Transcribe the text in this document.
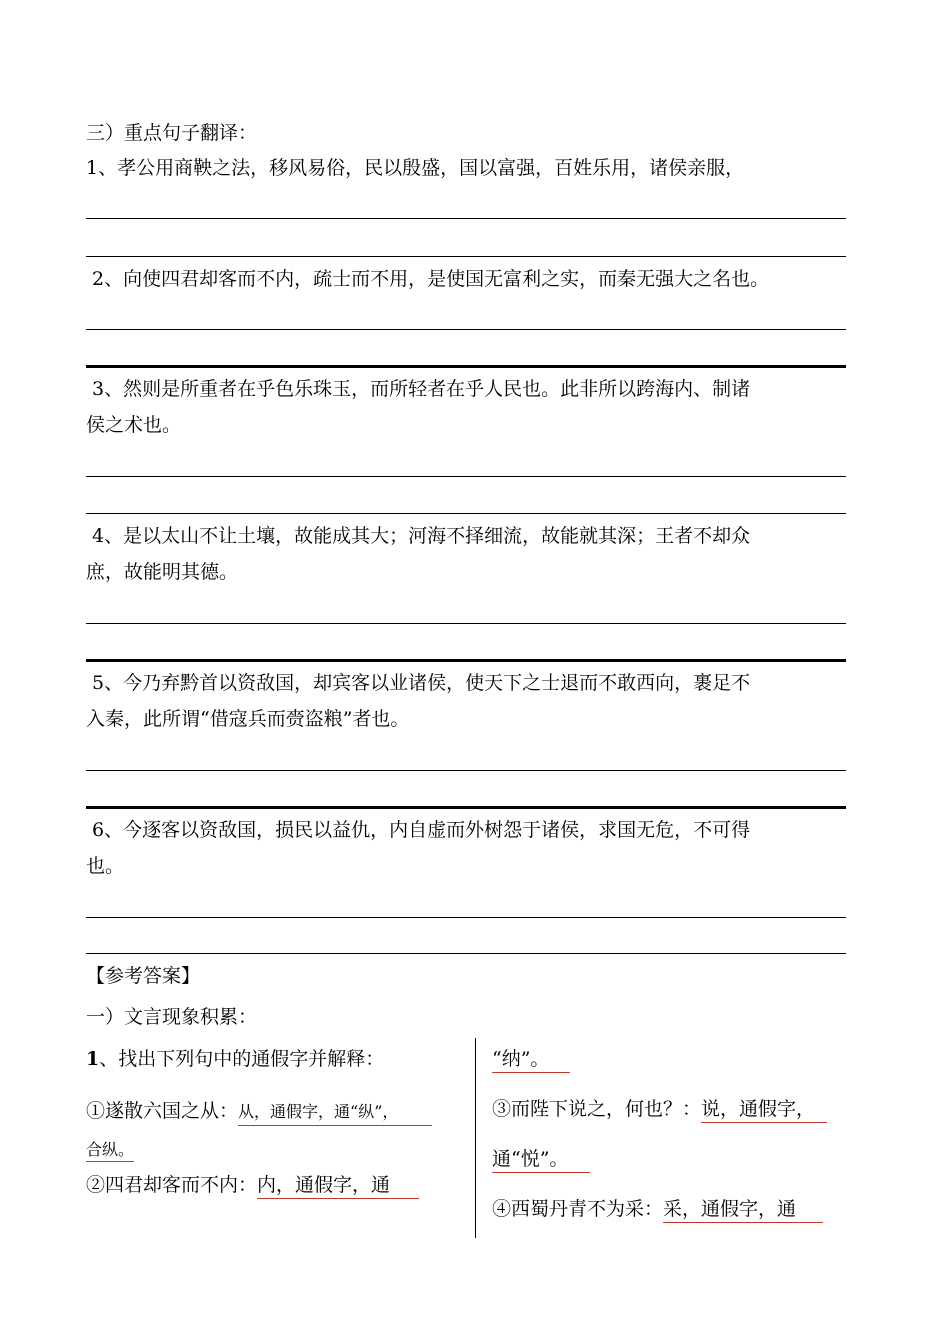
三）重点句子翻译：
1、孝公用商鞅之法，移风易俗，民以殷盛，国以富强，百姓乐用，诸侯亲服，
2、向使四君却客而不内，疏士而不用，是使国无富利之实，而秦无强大之名也。
3、然则是所重者在乎色乐珠玉，而所轻者在乎人民也。此非所以跨海内、制诸
侯之术也。
4、是以太山不让土壤，故能成其大；河海不择细流，故能就其深；王者不却众
庶，故能明其德。
5、今乃弃黔首以资敌国，却宾客以业诸侯，使天下之士退而不敢西向，裹足不
入秦，此所谓“借寇兵而赍盗粮”者也。
6、今逐客以资敌国，损民以益仇，内自虚而外树怨于诸侯，求国无危，不可得
也。
【参考答案】
一）文言现象积累：
1、找出下列句中的通假字并解释：
①遂散六国之从：从，通假字，通“纵”，
合纵。
②四君却客而不内：内，通假字，通
“纳”。
③而陛下说之，何也？：说，通假字，
通“悦”。
④西蜀丹青不为采：采，通假字，通
